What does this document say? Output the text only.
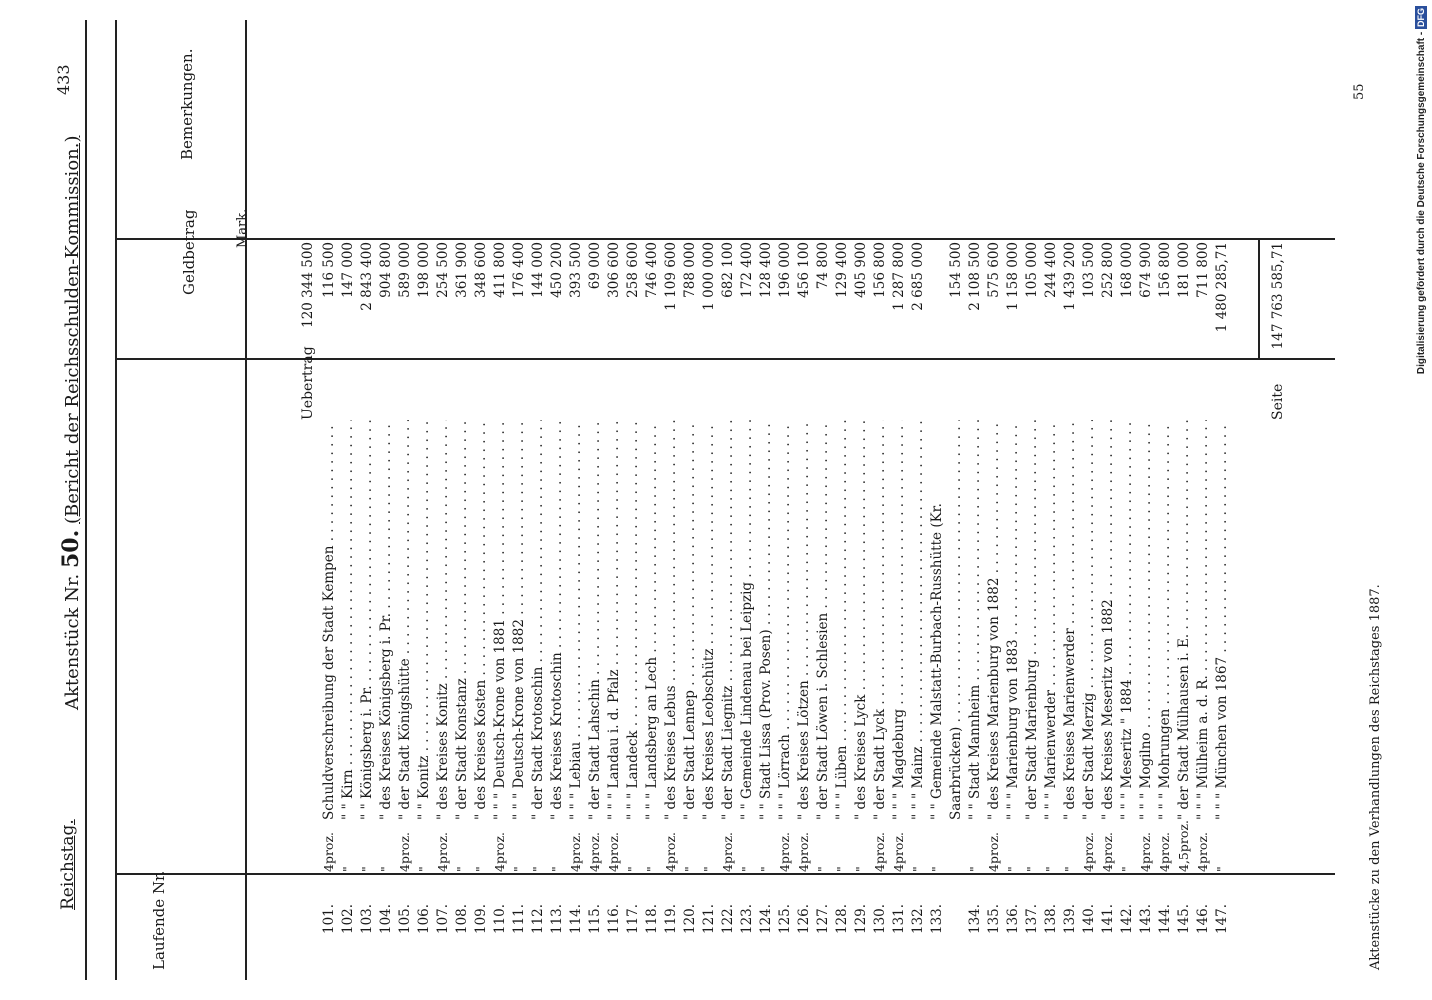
Reichstag.
Aktenstück Nr. 50. (Bericht der Reichsschulden-Kommission.)
433
Laufende Nr.
Geldbetrag	Mark.
Bemerkungen.
Uebertrag
120 344 500
101.
4proz.
Schuldverschreibung der Stadt Kempen . . .
116 500
102.
"
" " Kirn . . .
147 000
103.
"
" " Königsberg i. Pr. . . .
2 843 400
104.
"
" des Kreises Königsberg i. Pr. . . .
904 800
105.
4proz.
" der Stadt Königshütte . . .
589 000
106.
"
" " Konitz . . .
198 000
107.
4proz.
" des Kreises Konitz . . .
254 500
108.
"
" der Stadt Konstanz . . .
361 900
109.
"
" des Kreises Kosten . . .
348 600
110.
4proz.
" " " Deutsch-Krone von 1881 . . .
411 800
111.
"
" " " Deutsch-Krone von 1882 . . .
176 400
112.
"
" der Stadt Krotoschin . . .
144 000
113.
"
" des Kreises Krotoschin . . .
450 200
114.
4proz.
" " " Lebiau . . .
393 500
115.
4proz.
" der Stadt Lahschin . . .
69 000
116.
4proz.
" " " Landau i. d. Pfalz . . .
306 600
117.
"
" " " Landeck . . .
258 600
118.
"
" " " Landsberg an Lech . . .
746 400
119.
4proz.
" des Kreises Lebus . . .
1 109 600
120.
"
" der Stadt Lennep . . .
788 000
121.
"
" des Kreises Leobschütz . . .
1 000 000
122.
4proz.
" der Stadt Liegnitz . . .
682 100
123.
"
" " Gemeinde Lindenau bei Leipzig . . .
172 400
124.
"
" " Stadt Lissa (Prov. Posen) . . .
128 400
125.
4proz.
" " " Lörrach . . .
196 000
126.
4proz.
" des Kreises Lötzen . . .
456 100
127.
"
" der Stadt Löwen i. Schlesien . . .
74 800
128.
"
" " " Lüben . . .
129 400
129.
"
" des Kreises Lyck . . .
405 900
130.
4proz.
" der Stadt Lyck . . .
156 800
131.
4proz.
" " " Magdeburg . . .
1 287 800
132.
"
" " " Mainz . . .
2 685 000
133.
"
" " Gemeinde Malstatt-Burbach-Russhütte (Kr. Saarbrücken) . . .
154 500
134.
"
" " Stadt Mannheim . . .
2 108 500
135.
4proz.
" des Kreises Marienburg von 1882 . . .
575 600
136.
"
" " " Marienburg von 1883 . . .
1 158 000
137.
"
" der Stadt Marienburg . . .
105 000
138.
"
" " " Marienwerder . . .
244 400
139.
"
" des Kreises Marienwerder . . .
1 439 200
140.
4proz.
" der Stadt Merzig . . .
103 500
141.
4proz.
" des Kreises Meseritz von 1882 . . .
252 800
142.
"
" " " Meseritz " 1884 . . .
168 000
143.
4proz.
" " " Mogilno . . .
674 900
144.
4proz.
" " " Mohrungen . . .
156 800
145.
4,5proz.
" der Stadt Mülhausen i. E. . . .
181 000
146.
4proz.
" " " Mülheim a. d. R. . . .
711 800
147.
"
" " " München von 1867 . . .
1 480 285,71
Seite
147 763 585,71
Aktenstücke zu den Verhandlungen des Reichstages 1887.
55	Digitalisierung gefördert durch die Deutsche Forschungsgemeinschaft - DFG
